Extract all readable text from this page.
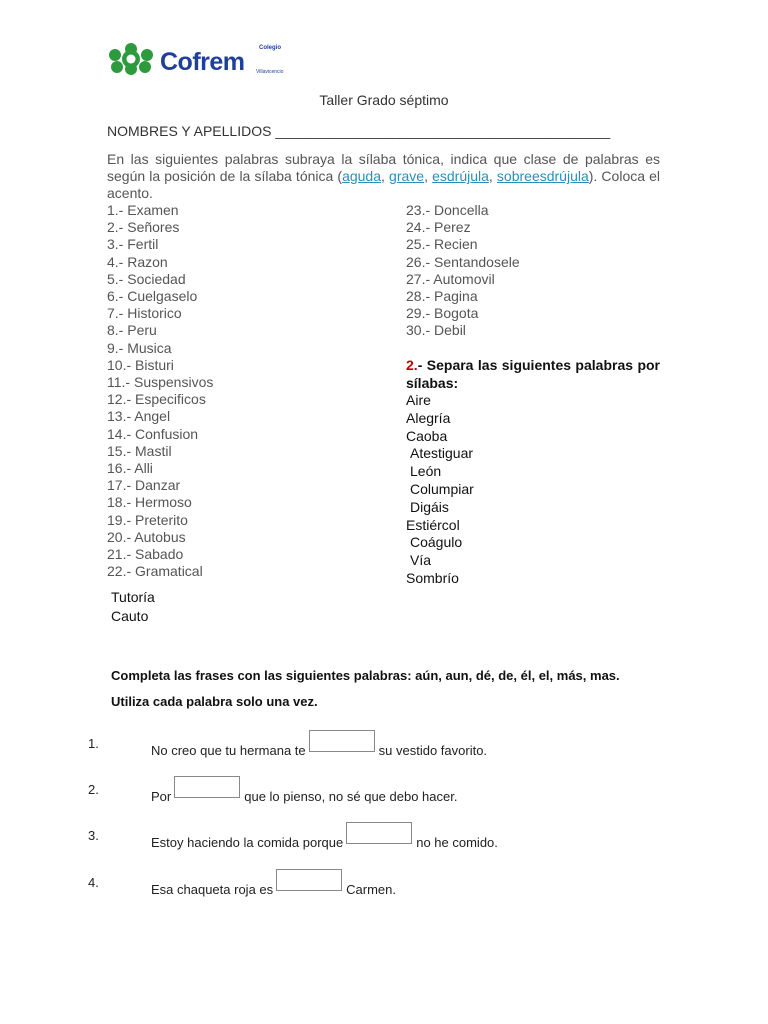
Colegio
Cofrem Villavicencio
Taller Grado séptimo
NOMBRES Y APELLIDOS ___________________________________________
En las siguientes palabras subraya la sílaba tónica, indica que clase de palabras es según la posición de la sílaba tónica (aguda, grave, esdrújula, sobreesdrújula). Coloca el acento.
1.- Examen
2.- Señores
3.- Fertil
4.- Razon
5.- Sociedad
6.- Cuelgaselo
7.- Historico
8.- Peru
9.- Musica
10.- Bisturi
11.- Suspensivos
12.- Especificos
13.- Angel
14.- Confusion
15.- Mastil
16.- Alli
17.- Danzar
18.- Hermoso
19.- Preterito
20.- Autobus
21.- Sabado
22.- Gramatical
23.- Doncella
24.- Perez
25.- Recien
26.- Sentandosele
27.- Automovil
28.- Pagina
29.- Bogota
30.- Debil
2.- Separa las siguientes palabras por sílabas:
Aire
Alegría
Caoba
Atestiguar
León
Columpiar
Digáis
Estiércol
Coágulo
Vía
Sombrío
Tutoría
Cauto
Completa las frases con las siguientes palabras: aún, aun, dé, de, él, el, más, mas. Utiliza cada palabra solo una vez.
1.	No creo que tu hermana te	su vestido favorito.
2.	Por	que lo pienso, no sé que debo hacer.
3.	Estoy haciendo la comida porque	no he comido.
4.	Esa chaqueta roja es	Carmen.
